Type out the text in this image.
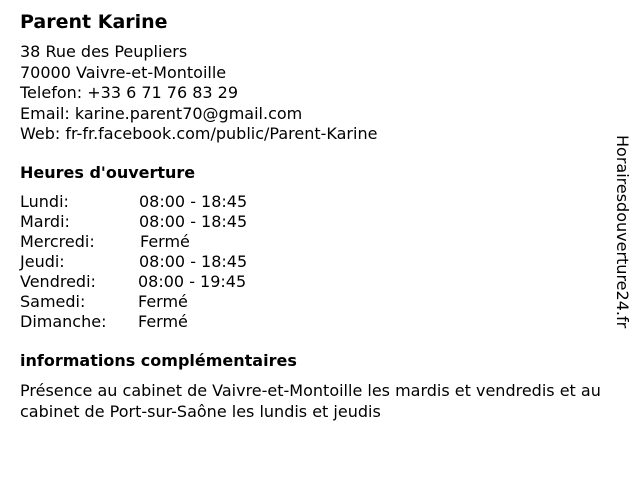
Parent Karine
38 Rue des Peupliers
70000 Vaivre-et-Montoille
Telefon: +33 6 71 76 83 29
Email: karine.parent70@gmail.com
Web: fr-fr.facebook.com/public/Parent-Karine
Heures d'ouverture
Lundi:	08:00 - 18:45
Mardi:	08:00 - 18:45
Mercredi:	Fermé
Jeudi:	08:00 - 18:45
Vendredi:	08:00 - 19:45
Samedi:	Fermé
Dimanche:	Fermé
informations complémentaires
Présence au cabinet de Vaivre-et-Montoille les mardis et vendredis et au cabinet de Port-sur-Saône les lundis et jeudis
Horairesdouverture24.fr
